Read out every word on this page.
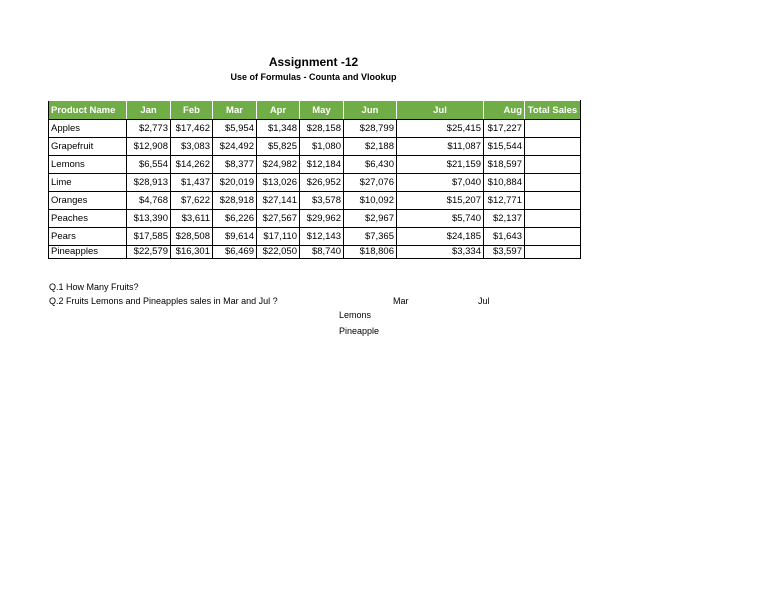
Assignment -12
Use of Formulas - Counta and Vlookup
Product Name	Jan	Feb	Mar	Apr	May	Jun	Jul	Aug	Total Sales
Apples	$2,773	$17,462	$5,954	$1,348	$28,158	$28,799	$25,415	$17,227	
Grapefruit	$12,908	$3,083	$24,492	$5,825	$1,080	$2,188	$11,087	$15,544	
Lemons	$6,554	$14,262	$8,377	$24,982	$12,184	$6,430	$21,159	$18,597	
Lime	$28,913	$1,437	$20,019	$13,026	$26,952	$27,076	$7,040	$10,884	
Oranges	$4,768	$7,622	$28,918	$27,141	$3,578	$10,092	$15,207	$12,771	
Peaches	$13,390	$3,611	$6,226	$27,567	$29,962	$2,967	$5,740	$2,137	
Pears	$17,585	$28,508	$9,614	$17,110	$12,143	$7,365	$24,185	$1,643	
Pineapples	$22,579	$16,301	$6,469	$22,050	$8,740	$18,806	$3,334	$3,597	
Q.1 How Many Fruits?
Q.2 Fruits Lemons and Pineapples sales in Mar and Jul ?	Mar	Jul
Lemons
Pineapple
